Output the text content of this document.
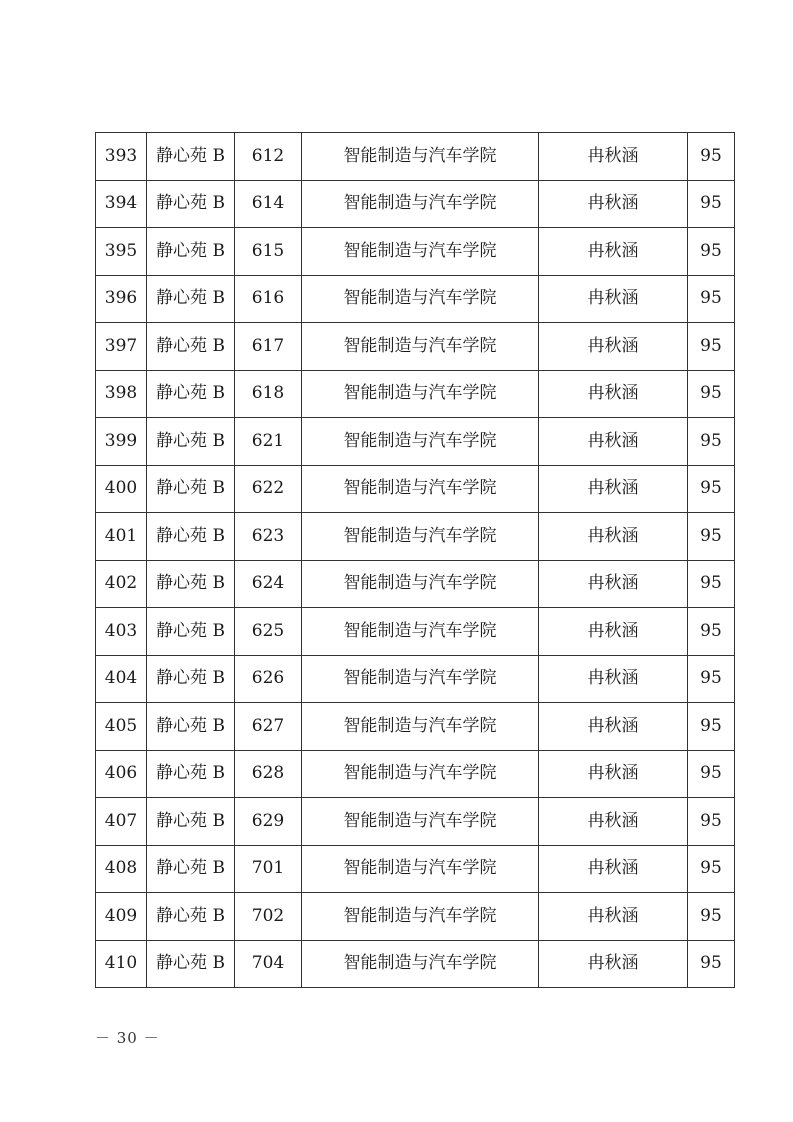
393	静心苑 B	612	智能制造与汽车学院	冉秋涵	95
394	静心苑 B	614	智能制造与汽车学院	冉秋涵	95
395	静心苑 B	615	智能制造与汽车学院	冉秋涵	95
396	静心苑 B	616	智能制造与汽车学院	冉秋涵	95
397	静心苑 B	617	智能制造与汽车学院	冉秋涵	95
398	静心苑 B	618	智能制造与汽车学院	冉秋涵	95
399	静心苑 B	621	智能制造与汽车学院	冉秋涵	95
400	静心苑 B	622	智能制造与汽车学院	冉秋涵	95
401	静心苑 B	623	智能制造与汽车学院	冉秋涵	95
402	静心苑 B	624	智能制造与汽车学院	冉秋涵	95
403	静心苑 B	625	智能制造与汽车学院	冉秋涵	95
404	静心苑 B	626	智能制造与汽车学院	冉秋涵	95
405	静心苑 B	627	智能制造与汽车学院	冉秋涵	95
406	静心苑 B	628	智能制造与汽车学院	冉秋涵	95
407	静心苑 B	629	智能制造与汽车学院	冉秋涵	95
408	静心苑 B	701	智能制造与汽车学院	冉秋涵	95
409	静心苑 B	702	智能制造与汽车学院	冉秋涵	95
410	静心苑 B	704	智能制造与汽车学院	冉秋涵	95
－ 30 －
